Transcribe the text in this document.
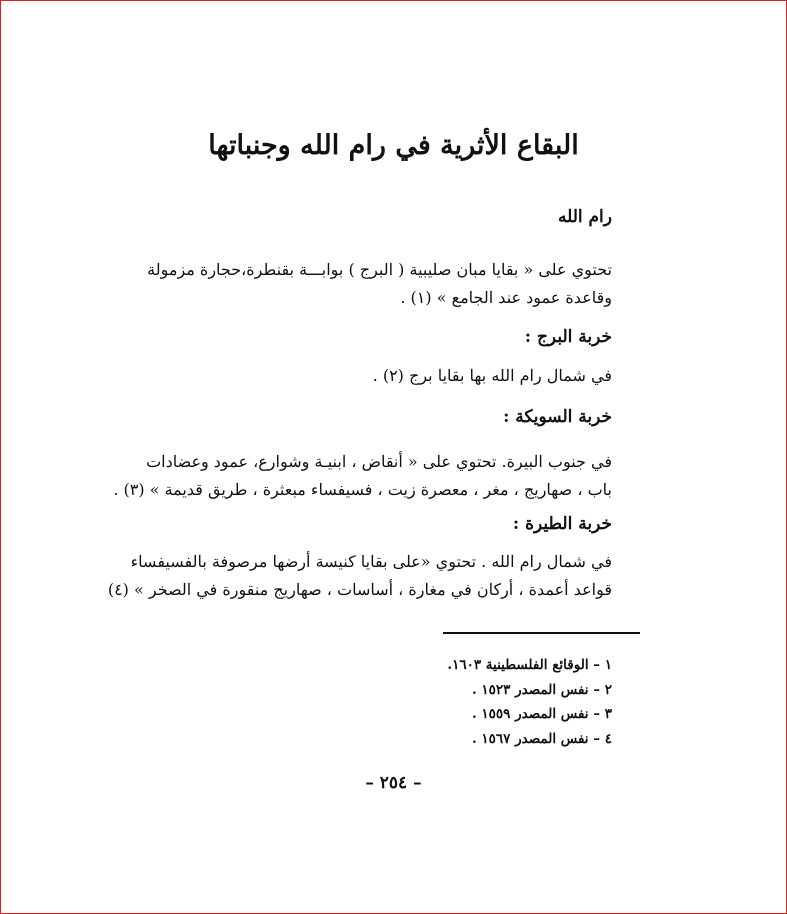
البقاع الأثرية في رام الله وجنباتها
رام الله

تحتوي على « بقايا مبان صليبية ( البرج ) بوابـــة بقنطرة،حجارة مزمولة
وقاعدة عمود عند الجامع » (١) .

خربة البرج :

في شمال رام الله بها بقايا برج (٢) .

خربة السويكة :

في جنوب البيرة. تحتوي على « أنقاض ، ابنيـة وشوارع، عمود وعضادات
باب ، صهاريج ، مغر ، معصرة زيت ، فسيفساء مبعثرة ، طريق قديمة » (٣) .

خربة الطيرة :

في شمال رام الله . تحتوي «على بقايا كنيسة أرضها مرصوفة بالفسيفساء
قواعد أعمدة ، أركان في مغارة ، أساسات ، صهاريج منقورة في الصخر » (٤)

١ – الوقائع الفلسطينية ١٦٠٣.
٢ – نفس المصدر ١٥٢٣ .
٣ – نفس المصدر ١٥٥٩ .
٤ – نفس المصدر ١٥٦٧ .
– ٢٥٤ –
